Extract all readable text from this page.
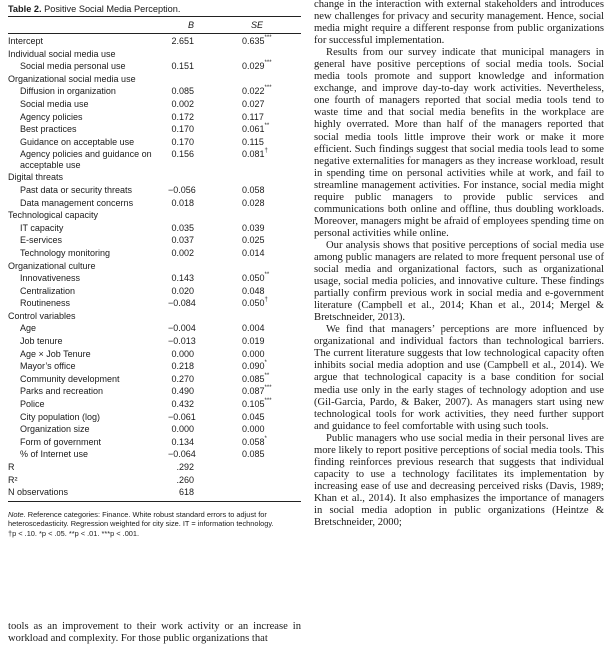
Table 2. Positive Social Media Perception.
B	SE
Intercept	2.651	0.635***
Individual social media use
Social media personal use	0.151	0.029***
Organizational social media use
Diffusion in organization	0.085	0.022***
Social media use	0.002	0.027
Agency policies	0.172	0.117
Best practices	0.170	0.061**
Guidance on acceptable use	0.170	0.115
Agency policies and guidance on acceptable use
0.156	0.081†
Digital threats
Past data or security threats	−0.056	0.058
Data management concerns	0.018	0.028
Technological capacity
IT capacity	0.035	0.039
E-services	0.037	0.025
Technology monitoring	0.002	0.014
Organizational culture
Innovativeness	0.143	0.050**
Centralization	0.020	0.048
Routineness	−0.084	0.050†
Control variables
Age	−0.004	0.004
Job tenure	−0.013	0.019
Age × Job Tenure	0.000	0.000
Mayor’s office	0.218	0.090*
Community development	0.270	0.085**
Parks and recreation	0.490	0.087***
Police	0.432	0.105***
City population (log)	−0.061	0.045
Organization size	0.000	0.000
Form of government	0.134	0.058*
% of Internet use	−0.064	0.085
R	.292
R²	.260
N observations	618
Note. Reference categories: Finance. White robust standard errors to adjust for heteroscedasticity. Regression weighted for city size. IT = information technology.
†p < .10. *p < .05. **p < .01. ***p < .001.

tools as an improvement to their work activity or an increase in workload and complexity. For those public organizations that

change in the interaction with external stakeholders and introduces new challenges for privacy and security management. Hence, social media might require a different response from public organizations for successful implementation.

Results from our survey indicate that municipal managers in general have positive perceptions of social media tools. Social media tools promote and support knowledge and information exchange, and improve day-to-day work activities. Nevertheless, one fourth of managers reported that social media tools tend to waste time and that social media benefits in the workplace are highly overrated. More than half of the managers reported that social media tools little improve their work or make it more efficient. Such findings suggest that social media tools lead to some negative externalities for managers as they increase workload, result in spending time on personal activities while at work, and fail to streamline management activities. For instance, social media might require public managers to provide public services and communications both online and offline, thus doubling workloads. Moreover, managers might be afraid of employees spending time on personal activities while online.

Our analysis shows that positive perceptions of social media use among public managers are related to more frequent personal use of social media and organizational factors, such as organizational usage, social media policies, and innovative culture. These findings partially confirm previous work in social media and e-government literature (Campbell et al., 2014; Khan et al., 2014; Mergel & Bretschneider, 2013).

We find that managers’ perceptions are more influenced by organizational and individual factors than technological barriers. The current literature suggests that low technological capacity often inhibits social media adoption and use (Campbell et al., 2014). We argue that technological capacity is a base condition for social media use only in the early stages of technology adoption and use (Gil-Garcia, Pardo, & Baker, 2007). As managers start using new technological tools for work activities, they need further support and guidance to feel comfortable with using such tools.

Public managers who use social media in their personal lives are more likely to report positive perceptions of social media tools. This finding reinforces previous research that suggests that individual capacity to use a technology facilitates its implementation by increasing ease of use and decreasing perceived risks (Davis, 1989; Khan et al., 2014). It also emphasizes the importance of managers in social media adoption in public organizations (Heintze & Bretschneider, 2000;
